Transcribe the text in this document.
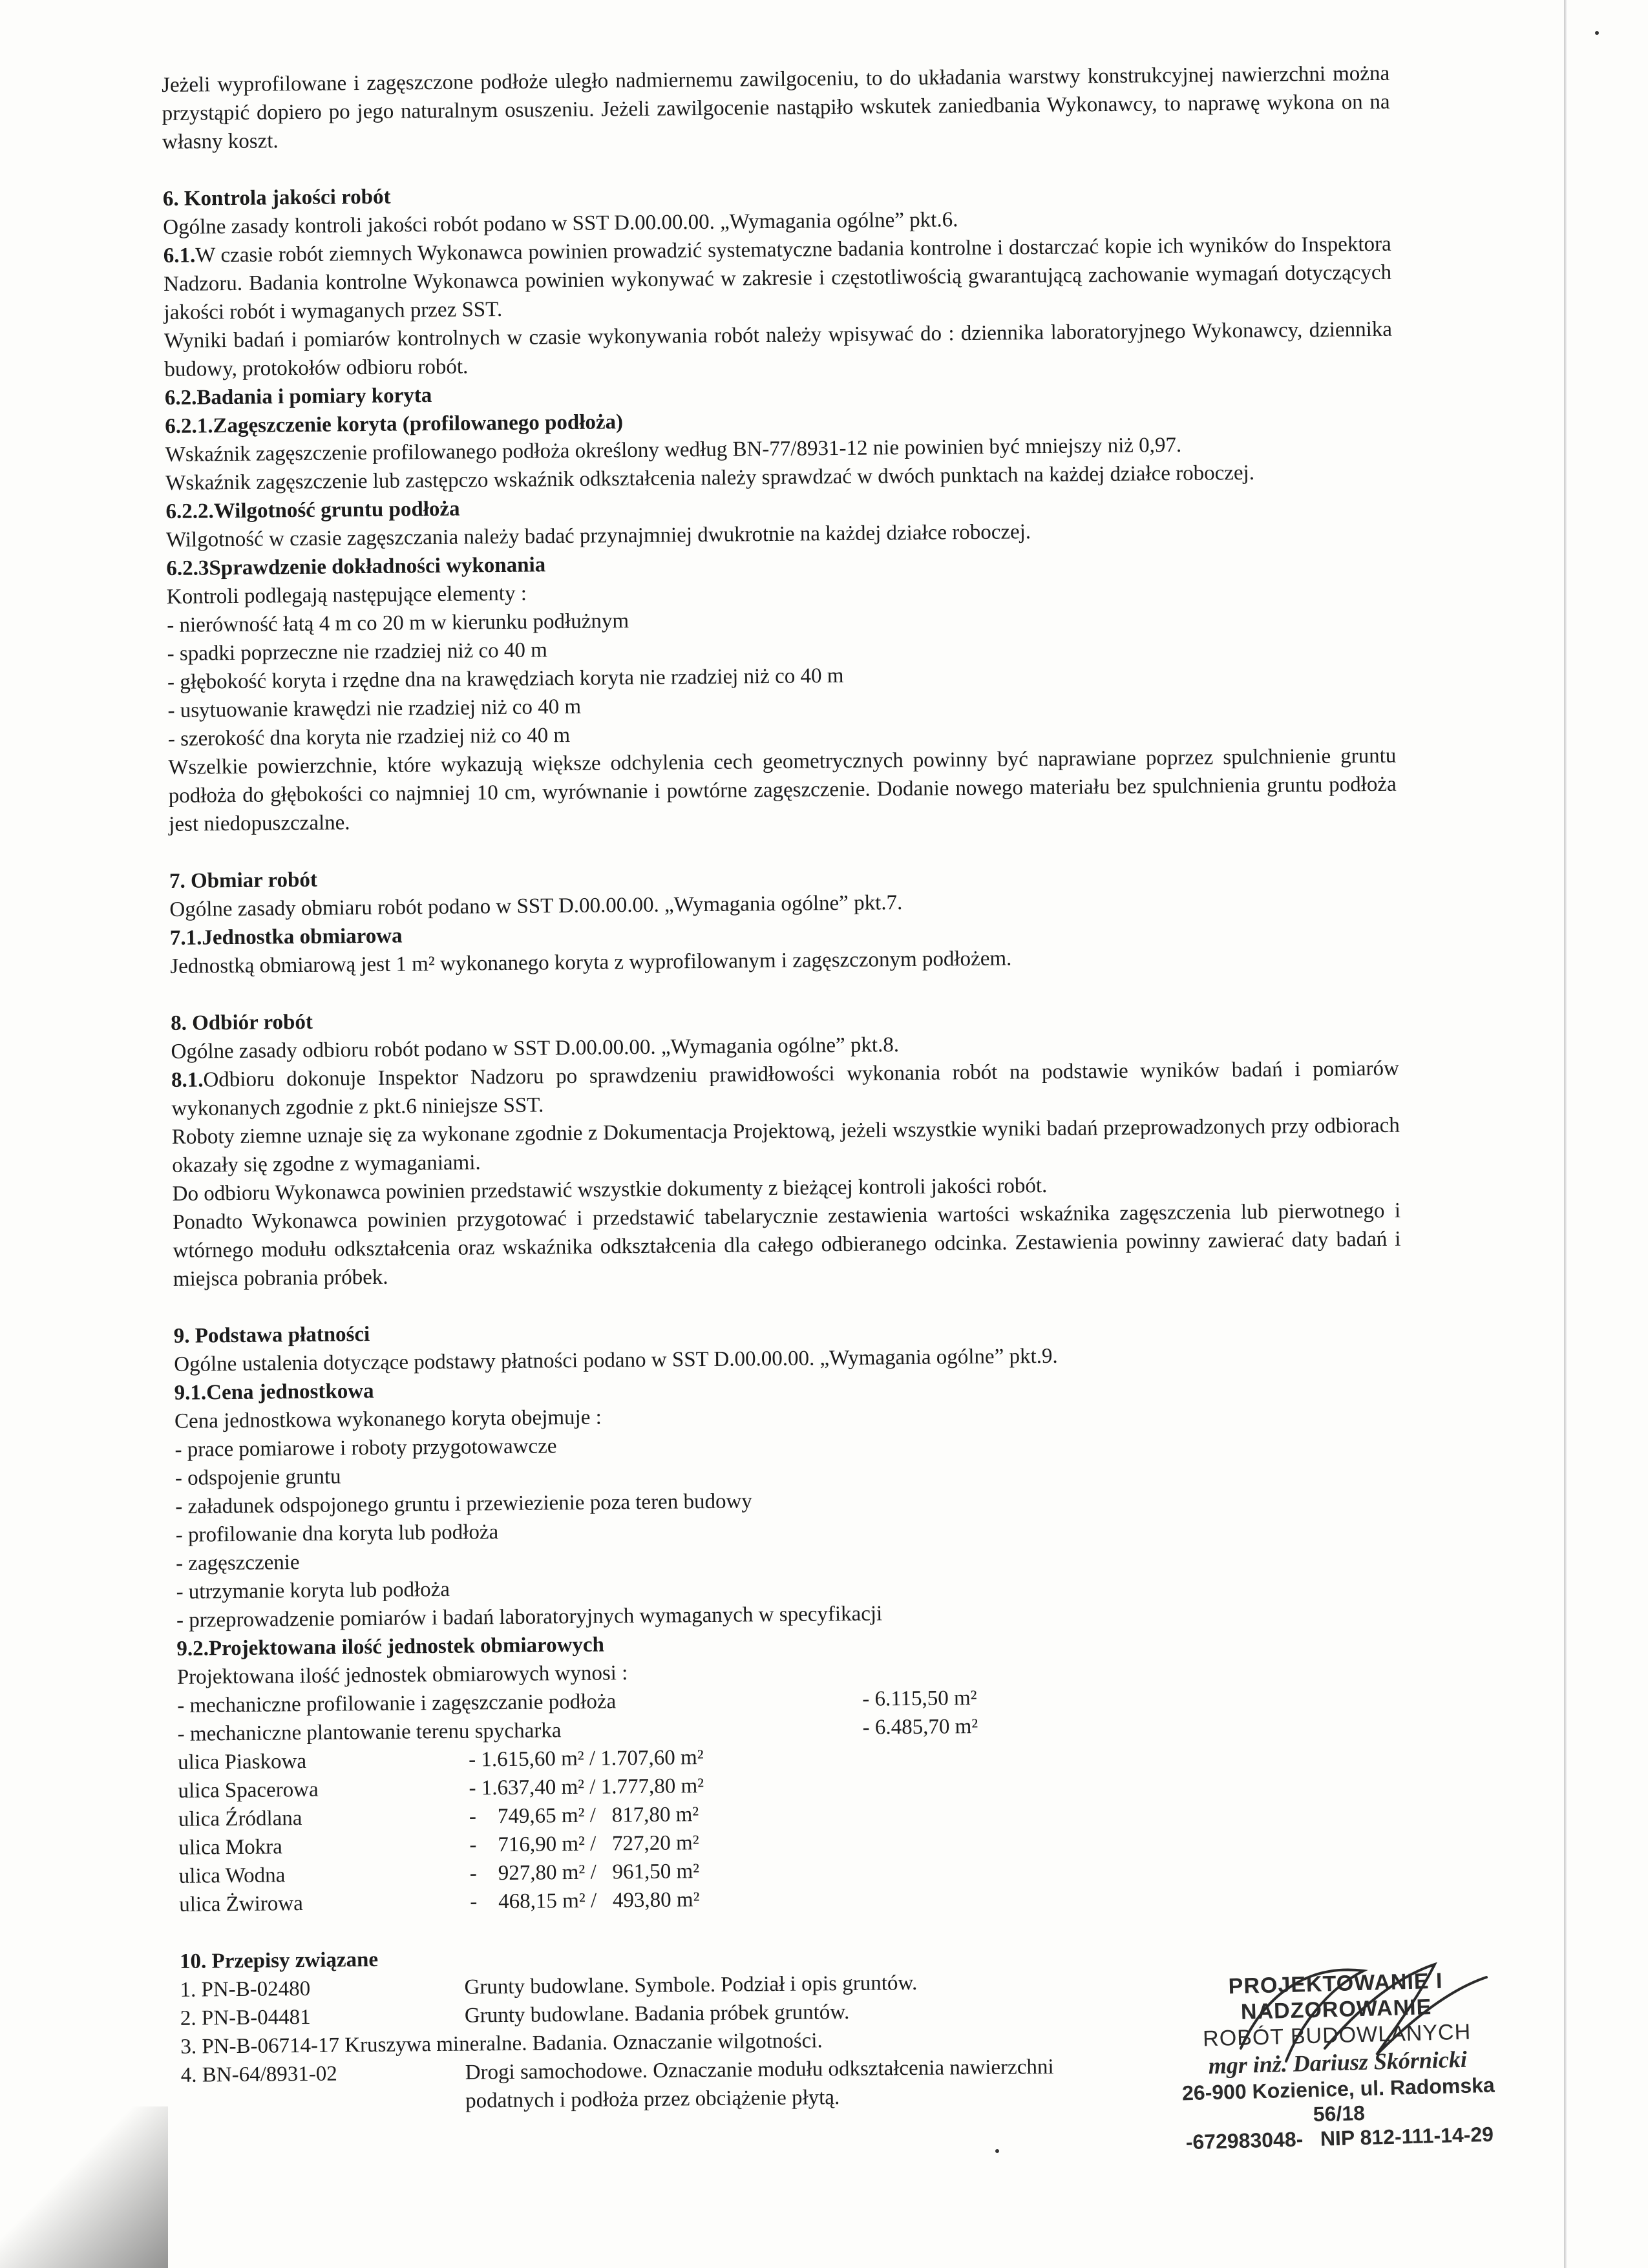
Jeżeli wyprofilowane i zagęszczone podłoże uległo nadmiernemu zawilgoceniu, to do układania warstwy konstrukcyjnej nawierzchni można przystąpić dopiero po jego naturalnym osuszeniu. Jeżeli zawilgocenie nastąpiło wskutek zaniedbania Wykonawcy, to naprawę wykona on na własny koszt.

6. Kontrola jakości robót

Ogólne zasady kontroli jakości robót podano w SST D.00.00.00. „Wymagania ogólne” pkt.6.

6.1.W czasie robót ziemnych Wykonawca powinien prowadzić systematyczne badania kontrolne i dostarczać kopie ich wyników do Inspektora Nadzoru. Badania kontrolne Wykonawca powinien wykonywać w zakresie i częstotliwością gwarantującą zachowanie wymagań dotyczących jakości robót i wymaganych przez SST.

Wyniki badań i pomiarów kontrolnych w czasie wykonywania robót należy wpisywać do : dziennika laboratoryjnego Wykonawcy, dziennika budowy, protokołów odbioru robót.

6.2.Badania i pomiary koryta

6.2.1.Zagęszczenie koryta (profilowanego podłoża)

Wskaźnik zagęszczenie profilowanego podłoża określony według BN-77/8931-12 nie powinien być mniejszy niż 0,97.

Wskaźnik zagęszczenie lub zastępczo wskaźnik odkształcenia należy sprawdzać w dwóch punktach na każdej działce roboczej.

6.2.2.Wilgotność gruntu podłoża

Wilgotność w czasie zagęszczania należy badać przynajmniej dwukrotnie na każdej działce roboczej.

6.2.3Sprawdzenie dokładności wykonania

Kontroli podlegają następujące elementy :

- nierówność łatą 4 m co 20 m w kierunku podłużnym
- spadki poprzeczne nie rzadziej niż co 40 m
- głębokość koryta i rzędne dna na krawędziach koryta nie rzadziej niż co 40 m
- usytuowanie krawędzi nie rzadziej niż co 40 m
- szerokość dna koryta nie rzadziej niż co 40 m

Wszelkie powierzchnie, które wykazują większe odchylenia cech geometrycznych powinny być naprawiane poprzez spulchnienie gruntu podłoża do głębokości co najmniej 10 cm, wyrównanie i powtórne zagęszczenie. Dodanie nowego materiału bez spulchnienia gruntu podłoża jest niedopuszczalne.

7. Obmiar robót

Ogólne zasady obmiaru robót podano w SST D.00.00.00. „Wymagania ogólne” pkt.7.

7.1.Jednostka obmiarowa

Jednostką obmiarową jest 1 m² wykonanego koryta z wyprofilowanym i zagęszczonym podłożem.

8. Odbiór robót

Ogólne zasady odbioru robót podano w SST D.00.00.00. „Wymagania ogólne” pkt.8.

8.1.Odbioru dokonuje Inspektor Nadzoru po sprawdzeniu prawidłowości wykonania robót na podstawie wyników badań i pomiarów wykonanych zgodnie z pkt.6 niniejsze SST.

Roboty ziemne uznaje się za wykonane zgodnie z Dokumentacja Projektową, jeżeli wszystkie wyniki badań przeprowadzonych przy odbiorach okazały się zgodne z wymaganiami.

Do odbioru Wykonawca powinien przedstawić wszystkie dokumenty z bieżącej kontroli jakości robót.

Ponadto Wykonawca powinien przygotować i przedstawić tabelarycznie zestawienia wartości wskaźnika zagęszczenia lub pierwotnego i wtórnego modułu odkształcenia oraz wskaźnika odkształcenia dla całego odbieranego odcinka. Zestawienia powinny zawierać daty badań i miejsca pobrania próbek.

9. Podstawa płatności

Ogólne ustalenia dotyczące podstawy płatności podano w SST D.00.00.00. „Wymagania ogólne” pkt.9.

9.1.Cena jednostkowa

Cena jednostkowa wykonanego koryta obejmuje :

- prace pomiarowe i roboty przygotowawcze
- odspojenie gruntu
- załadunek odspojonego gruntu i przewiezienie poza teren budowy
- profilowanie dna koryta lub podłoża
- zagęszczenie
- utrzymanie koryta lub podłoża
- przeprowadzenie pomiarów i badań laboratoryjnych wymaganych w specyfikacji

9.2.Projektowana ilość jednostek obmiarowych

Projektowana ilość jednostek obmiarowych wynosi :

- mechaniczne profilowanie i zagęszczanie podłoża	- 6.115,50 m²
- mechaniczne plantowanie terenu spycharka	- 6.485,70 m²
ulica Piaskowa	- 1.615,60 m² / 1.707,60 m²
ulica Spacerowa	- 1.637,40 m² / 1.777,80 m²
ulica Źródlana	-    749,65 m² /   817,80 m²
ulica Mokra	-    716,90 m² /   727,20 m²
ulica Wodna	-    927,80 m² /   961,50 m²
ulica Żwirowa	-    468,15 m² /   493,80 m²

10. Przepisy związane

1. PN-B-02480	Grunty budowlane. Symbole. Podział i opis gruntów.
2. PN-B-04481	Grunty budowlane. Badania próbek gruntów.
3. PN-B-06714-17 Kruszywa mineralne. Badania. Oznaczanie wilgotności.
4. BN-64/8931-02	Drogi samochodowe. Oznaczanie modułu odkształcenia nawierzchni podatnych i podłoża przez obciążenie płytą.
PROJEKTOWANIE I NADZOROWANIE
ROBÓT BUDOWLANYCH
mgr inż. Dariusz Skórnicki
26-900 Kozienice, ul. Radomska 56/18
-672983048-   NIP 812-111-14-29
